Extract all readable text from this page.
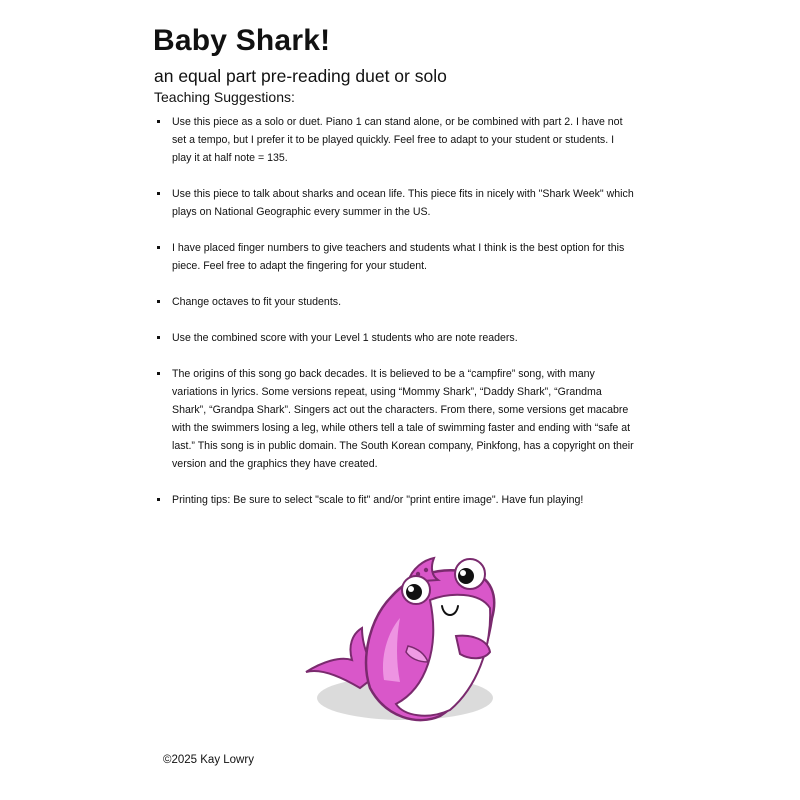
Baby Shark!
an equal part pre-reading duet or solo
Teaching Suggestions:
Use this piece as a solo or duet. Piano 1 can stand alone, or be combined with part 2. I have not set a tempo, but I prefer it to be played quickly. Feel free to adapt to your student or students. I play it at half note = 135.
Use this piece to talk about sharks and ocean life. This piece fits in nicely with "Shark Week" which plays on National Geographic every summer in the US.
I have placed finger numbers to give teachers and students what I think is the best option for this piece. Feel free to adapt the fingering for your student.
Change octaves to fit your students.
Use the combined score with your Level 1 students who are note readers.
The origins of this song go back decades. It is believed to be a “campfire” song, with many variations in lyrics. Some versions repeat, using “Mommy Shark”, “Daddy Shark”, “Grandma Shark”, “Grandpa Shark”. Singers act out the characters. From there, some versions get macabre with the swimmers losing a leg, while others tell a tale of swimming faster and ending with “safe at last.” This song is in public domain. The South Korean company, Pinkfong, has a copyright on their version and the graphics they have created.
Printing tips: Be sure to select "scale to fit" and/or "print entire image". Have fun playing!
©2025 Kay Lowry
